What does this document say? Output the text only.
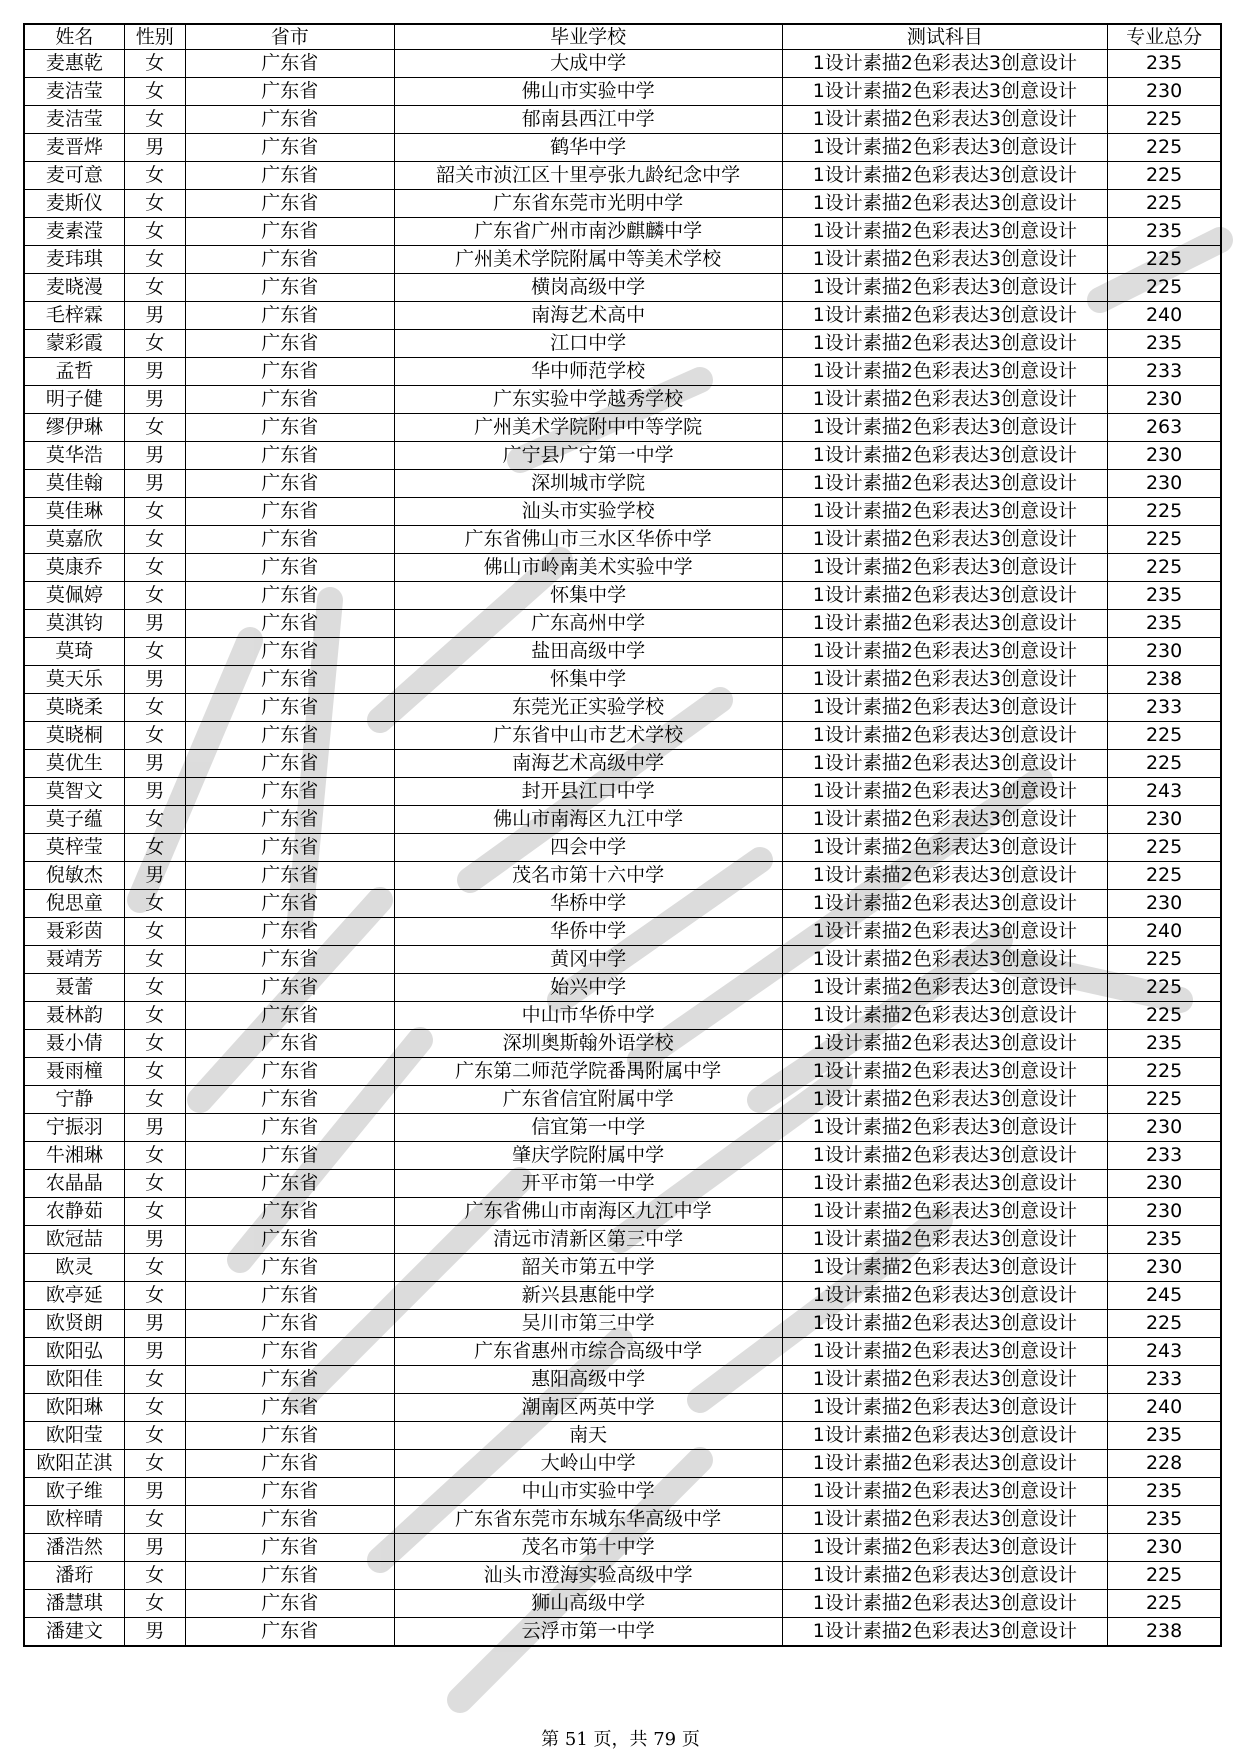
姓名	性别	省市	毕业学校	测试科目	专业总分
麦惠乾	女	广东省	大成中学	1设计素描2色彩表达3创意设计	235
麦洁莹	女	广东省	佛山市实验中学	1设计素描2色彩表达3创意设计	230
麦洁莹	女	广东省	郁南县西江中学	1设计素描2色彩表达3创意设计	225
麦晋烨	男	广东省	鹤华中学	1设计素描2色彩表达3创意设计	225
麦可意	女	广东省	韶关市浈江区十里亭张九龄纪念中学	1设计素描2色彩表达3创意设计	225
麦斯仪	女	广东省	广东省东莞市光明中学	1设计素描2色彩表达3创意设计	225
麦素滢	女	广东省	广东省广州市南沙麒麟中学	1设计素描2色彩表达3创意设计	235
麦玮琪	女	广东省	广州美术学院附属中等美术学校	1设计素描2色彩表达3创意设计	225
麦晓漫	女	广东省	横岗高级中学	1设计素描2色彩表达3创意设计	225
毛梓霖	男	广东省	南海艺术高中	1设计素描2色彩表达3创意设计	240
蒙彩霞	女	广东省	江口中学	1设计素描2色彩表达3创意设计	235
孟哲	男	广东省	华中师范学校	1设计素描2色彩表达3创意设计	233
明子健	男	广东省	广东实验中学越秀学校	1设计素描2色彩表达3创意设计	230
缪伊琳	女	广东省	广州美术学院附中中等学院	1设计素描2色彩表达3创意设计	263
莫华浩	男	广东省	广宁县广宁第一中学	1设计素描2色彩表达3创意设计	230
莫佳翰	男	广东省	深圳城市学院	1设计素描2色彩表达3创意设计	230
莫佳琳	女	广东省	汕头市实验学校	1设计素描2色彩表达3创意设计	225
莫嘉欣	女	广东省	广东省佛山市三水区华侨中学	1设计素描2色彩表达3创意设计	225
莫康乔	女	广东省	佛山市岭南美术实验中学	1设计素描2色彩表达3创意设计	225
莫佩婷	女	广东省	怀集中学	1设计素描2色彩表达3创意设计	235
莫淇钧	男	广东省	广东高州中学	1设计素描2色彩表达3创意设计	235
莫琦	女	广东省	盐田高级中学	1设计素描2色彩表达3创意设计	230
莫天乐	男	广东省	怀集中学	1设计素描2色彩表达3创意设计	238
莫晓柔	女	广东省	东莞光正实验学校	1设计素描2色彩表达3创意设计	233
莫晓桐	女	广东省	广东省中山市艺术学校	1设计素描2色彩表达3创意设计	225
莫优生	男	广东省	南海艺术高级中学	1设计素描2色彩表达3创意设计	225
莫智文	男	广东省	封开县江口中学	1设计素描2色彩表达3创意设计	243
莫子蕴	女	广东省	佛山市南海区九江中学	1设计素描2色彩表达3创意设计	230
莫梓莹	女	广东省	四会中学	1设计素描2色彩表达3创意设计	225
倪敏杰	男	广东省	茂名市第十六中学	1设计素描2色彩表达3创意设计	225
倪思童	女	广东省	华桥中学	1设计素描2色彩表达3创意设计	230
聂彩茵	女	广东省	华侨中学	1设计素描2色彩表达3创意设计	240
聂靖芳	女	广东省	黄冈中学	1设计素描2色彩表达3创意设计	225
聂蕾	女	广东省	始兴中学	1设计素描2色彩表达3创意设计	225
聂林韵	女	广东省	中山市华侨中学	1设计素描2色彩表达3创意设计	225
聂小倩	女	广东省	深圳奥斯翰外语学校	1设计素描2色彩表达3创意设计	235
聂雨橦	女	广东省	广东第二师范学院番禺附属中学	1设计素描2色彩表达3创意设计	225
宁静	女	广东省	广东省信宜附属中学	1设计素描2色彩表达3创意设计	225
宁振羽	男	广东省	信宜第一中学	1设计素描2色彩表达3创意设计	230
牛湘琳	女	广东省	肇庆学院附属中学	1设计素描2色彩表达3创意设计	233
农晶晶	女	广东省	开平市第一中学	1设计素描2色彩表达3创意设计	230
农静茹	女	广东省	广东省佛山市南海区九江中学	1设计素描2色彩表达3创意设计	230
欧冠喆	男	广东省	清远市清新区第三中学	1设计素描2色彩表达3创意设计	235
欧灵	女	广东省	韶关市第五中学	1设计素描2色彩表达3创意设计	230
欧亭延	女	广东省	新兴县惠能中学	1设计素描2色彩表达3创意设计	245
欧贤朗	男	广东省	吴川市第三中学	1设计素描2色彩表达3创意设计	225
欧阳弘	男	广东省	广东省惠州市综合高级中学	1设计素描2色彩表达3创意设计	243
欧阳佳	女	广东省	惠阳高级中学	1设计素描2色彩表达3创意设计	233
欧阳琳	女	广东省	潮南区两英中学	1设计素描2色彩表达3创意设计	240
欧阳莹	女	广东省	南天	1设计素描2色彩表达3创意设计	235
欧阳芷淇	女	广东省	大岭山中学	1设计素描2色彩表达3创意设计	228
欧子维	男	广东省	中山市实验中学	1设计素描2色彩表达3创意设计	235
欧梓晴	女	广东省	广东省东莞市东城东华高级中学	1设计素描2色彩表达3创意设计	235
潘浩然	男	广东省	茂名市第十中学	1设计素描2色彩表达3创意设计	230
潘珩	女	广东省	汕头市澄海实验高级中学	1设计素描2色彩表达3创意设计	225
潘慧琪	女	广东省	狮山高级中学	1设计素描2色彩表达3创意设计	225
潘建文	男	广东省	云浮市第一中学	1设计素描2色彩表达3创意设计	238
第 51 页，共 79 页
